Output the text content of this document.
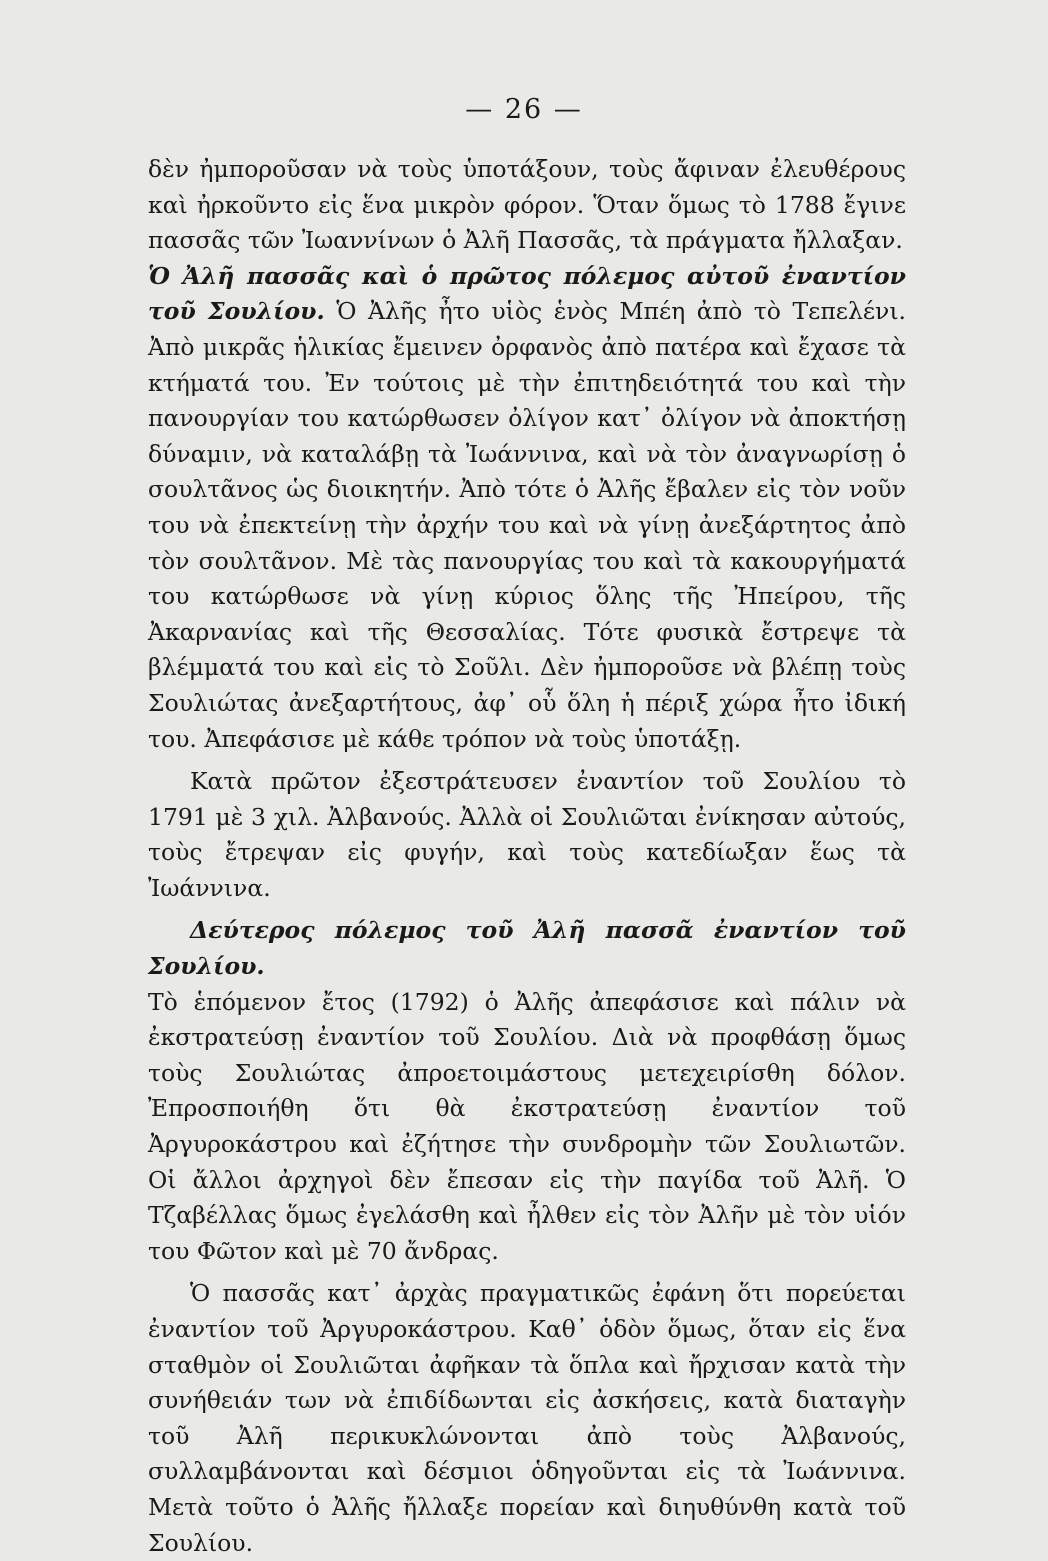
— 26 —

δὲν ἠμποροῦσαν νὰ τοὺς ὑποτάξουν, τοὺς ἄφιναν ἐλευθέρους καὶ ἠρκοῦντο εἰς ἕνα μικρὸν φόρον. Ὅταν ὅμως τὸ 1788 ἔγινε πασσᾶς τῶν Ἰωαννίνων ὁ Ἀλῆ Πασσᾶς, τὰ πράγματα ἤλλαξαν.

Ὁ Ἀλῆ πασσᾶς καὶ ὁ πρῶτος πόλεμος αὐτοῦ ἐναντίον τοῦ Σουλίου. Ὁ Ἀλῆς ἦτο υἱὸς ἑνὸς Μπέη ἀπὸ τὸ Τεπελένι. Ἀπὸ μικρᾶς ἡλικίας ἔμεινεν ὀρφανὸς ἀπὸ πατέρα καὶ ἔχασε τὰ κτήματά του. Ἐν τούτοις μὲ τὴν ἐπιτηδειότητά του καὶ τὴν πανουργίαν του κατώρθωσεν ὀλίγον κατ᾽ ὀλίγον νὰ ἀποκτήσῃ δύναμιν, νὰ καταλάβῃ τὰ Ἰωάννινα, καὶ νὰ τὸν ἀναγνωρίσῃ ὁ σουλτᾶνος ὡς διοικητήν. Ἀπὸ τότε ὁ Ἀλῆς ἔβαλεν εἰς τὸν νοῦν του νὰ ἐπεκτείνῃ τὴν ἀρχήν του καὶ νὰ γίνῃ ἀνεξάρτητος ἀπὸ τὸν σουλτᾶνον. Μὲ τὰς πανουργίας του καὶ τὰ κακουργήματά του κατώρθωσε νὰ γίνῃ κύριος ὅλης τῆς Ἠπείρου, τῆς Ἀκαρνανίας καὶ τῆς Θεσσαλίας. Τότε φυσικὰ ἔστρεψε τὰ βλέμματά του καὶ εἰς τὸ Σοῦλι. Δὲν ἠμποροῦσε νὰ βλέπῃ τοὺς Σουλιώτας ἀνεξαρτήτους, ἀφ᾽ οὗ ὅλη ἡ πέριξ χώρα ἦτο ἰδική του. Ἀπεφάσισε μὲ κάθε τρόπον νὰ τοὺς ὑποτάξῃ.

Κατὰ πρῶτον ἐξεστράτευσεν ἐναντίον τοῦ Σουλίου τὸ 1791 μὲ 3 χιλ. Ἀλβανούς. Ἀλλὰ οἱ Σουλιῶται ἐνίκησαν αὐτούς, τοὺς ἔτρεψαν εἰς φυγήν, καὶ τοὺς κατεδίωξαν ἕως τὰ Ἰωάννινα.

Δεύτερος πόλεμος τοῦ Ἀλῆ πασσᾶ ἐναντίον τοῦ Σουλίου.

Τὸ ἑπόμενον ἔτος (1792) ὁ Ἀλῆς ἀπεφάσισε καὶ πάλιν νὰ ἐκστρατεύσῃ ἐναντίον τοῦ Σουλίου. Διὰ νὰ προφθάσῃ ὅμως τοὺς Σουλιώτας ἀπροετοιμάστους μετεχειρίσθη δόλον. Ἐπροσποιήθη ὅτι θὰ ἐκστρατεύσῃ ἐναντίον τοῦ Ἀργυροκάστρου καὶ ἐζήτησε τὴν συνδρομὴν τῶν Σουλιωτῶν. Οἱ ἄλλοι ἀρχηγοὶ δὲν ἔπεσαν εἰς τὴν παγίδα τοῦ Ἀλῆ. Ὁ Τζαβέλλας ὅμως ἐγελάσθη καὶ ἦλθεν εἰς τὸν Ἀλῆν μὲ τὸν υἱόν του Φῶτον καὶ μὲ 70 ἄνδρας.

Ὁ πασσᾶς κατ᾽ ἀρχὰς πραγματικῶς ἐφάνη ὅτι πορεύεται ἐναντίον τοῦ Ἀργυροκάστρου. Καθ᾽ ὁδὸν ὅμως, ὅταν εἰς ἕνα σταθμὸν οἱ Σουλιῶται ἀφῆκαν τὰ ὅπλα καὶ ἤρχισαν κατὰ τὴν συνήθειάν των νὰ ἐπιδίδωνται εἰς ἀσκήσεις, κατὰ διαταγὴν τοῦ Ἀλῆ περικυκλώνονται ἀπὸ τοὺς Ἀλβανούς, συλλαμβάνονται καὶ δέσμιοι ὁδηγοῦνται εἰς τὰ Ἰωάννινα. Μετὰ τοῦτο ὁ Ἀλῆς ἤλλαξε πορείαν καὶ διηυθύνθη κατὰ τοῦ Σουλίου.
